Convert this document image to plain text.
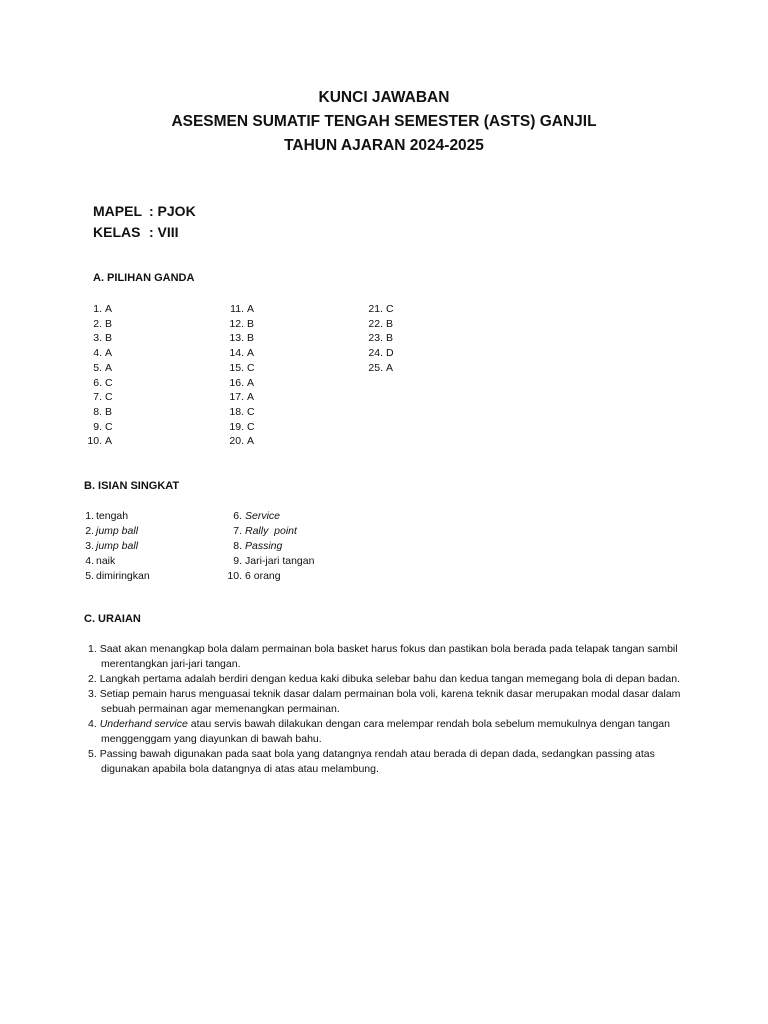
KUNCI JAWABAN
ASESMEN SUMATIF TENGAH SEMESTER (ASTS) GANJIL
TAHUN AJARAN 2024-2025
MAPEL : PJOK
KELAS : VIII
A. PILIHAN GANDA
1. A
2. B
3. B
4. A
5. A
6. C
7. C
8. B
9. C
10. A
11. A
12. B
13. B
14. A
15. C
16. A
17. A
18. C
19. C
20. A
21. C
22. B
23. B
24. D
25. A
B. ISIAN SINGKAT
1. tengah
2. jump ball
3. jump ball
4. naik
5. dimiringkan
6. Service
7. Rally  point
8. Passing
9. Jari-jari tangan
10. 6 orang
C. URAIAN
1. Saat akan menangkap bola dalam permainan bola basket harus fokus dan pastikan bola berada pada telapak tangan sambil merentangkan jari-jari tangan.
2. Langkah pertama adalah berdiri dengan kedua kaki dibuka selebar bahu dan kedua tangan memegang bola di depan badan.
3. Setiap pemain harus menguasai teknik dasar dalam permainan bola voli, karena teknik dasar merupakan modal dasar dalam sebuah permainan agar memenangkan permainan.
4. Underhand service atau servis bawah dilakukan dengan cara melempar rendah bola sebelum memukulnya dengan tangan menggenggam yang diayunkan di bawah bahu.
5. Passing bawah digunakan pada saat bola yang datangnya rendah atau berada di depan dada, sedangkan passing atas digunakan apabila bola datangnya di atas atau melambung.
